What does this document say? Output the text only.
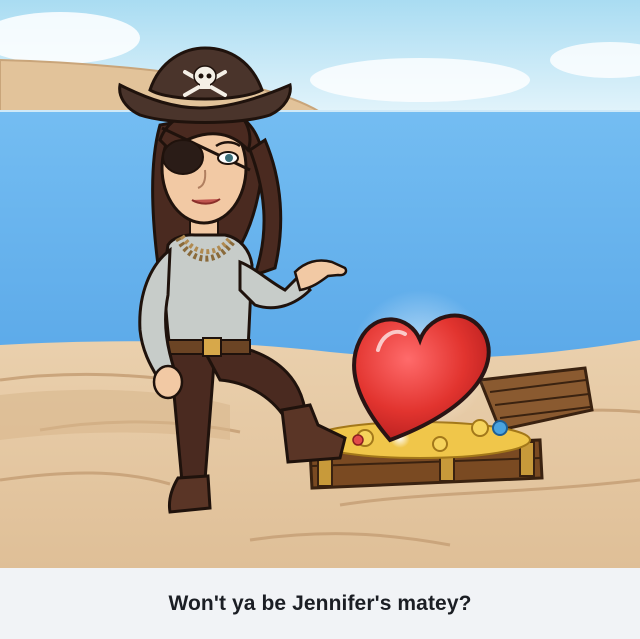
Won't ya be Jennifer's matey?
